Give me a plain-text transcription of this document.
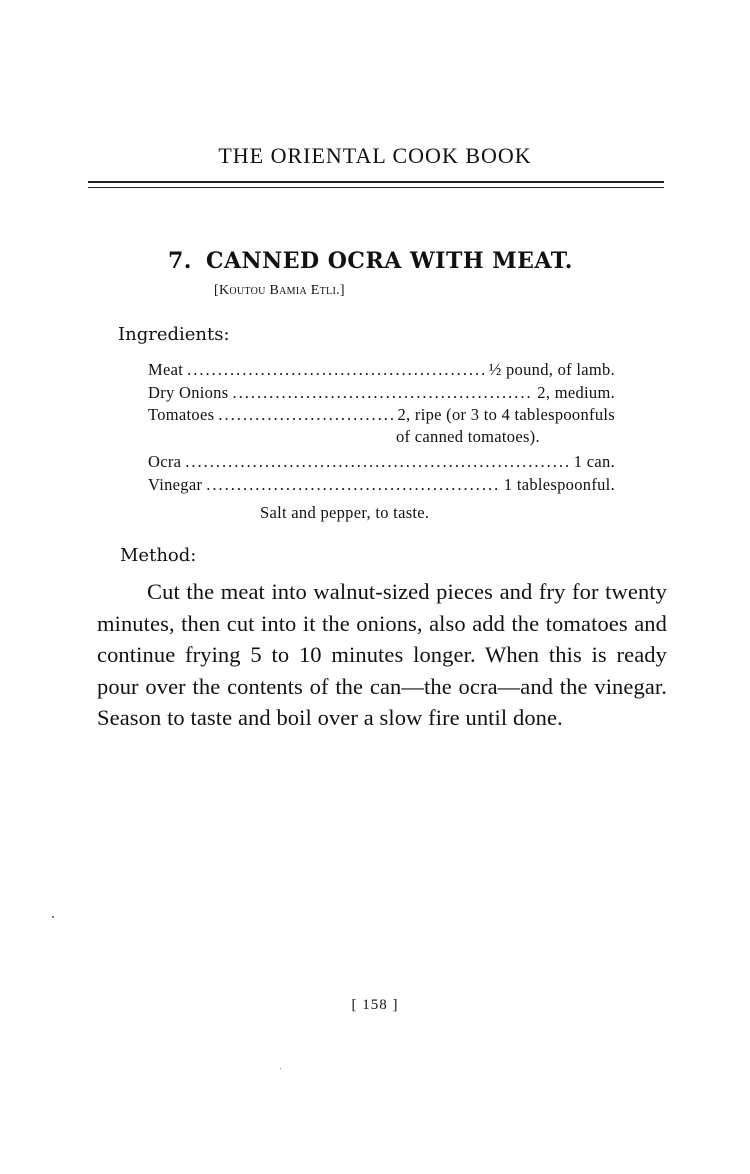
THE ORIENTAL COOK BOOK
7. CANNED OCRA WITH MEAT.
[Koutou Bamia Etli.]
Ingredients:
Meat .....	½ pound, of lamb.
Dry Onions .....	2, medium.
Tomatoes .....	2, ripe (or 3 to 4 tablespoonfuls
of canned tomatoes).
Ocra .....	1 can.
Vinegar .....	1 tablespoonful.
Salt and pepper, to taste.
Method:
Cut the meat into walnut-sized pieces and fry for twenty minutes, then cut into it the onions, also add the tomatoes and continue frying 5 to 10 minutes longer. When this is ready pour over the contents of the can—the ocra—and the vinegar. Season to taste and boil over a slow fire until done.
[ 158 ]
